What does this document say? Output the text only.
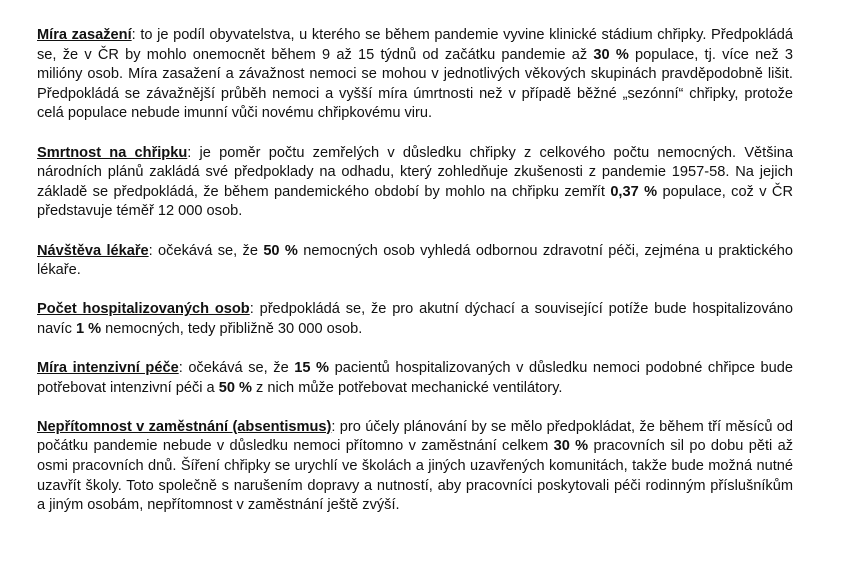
Míra zasažení: to je podíl obyvatelstva, u kterého se během pandemie vyvine klinické stádium chřipky. Předpokládá se, že v ČR by mohlo onemocnět během 9 až 15 týdnů od začátku pandemie až 30 % populace, tj. více než 3 milióny osob. Míra zasažení a závažnost nemoci se mohou v jednotlivých věkových skupinách pravděpodobně lišit. Předpokládá se závažnější průběh nemoci a vyšší míra úmrtnosti než v případě běžné „sezónní“ chřipky, protože celá populace nebude imunní vůči novému chřipkovému viru.

Smrtnost na chřipku: je poměr počtu zemřelých v důsledku chřipky z celkového počtu nemocných. Většina národních plánů zakládá své předpoklady na odhadu, který zohledňuje zkušenosti z pandemie 1957-58. Na jejich základě se předpokládá, že během pandemického období by mohlo na chřipku zemřít 0,37 % populace, což v ČR představuje téměř 12 000 osob.

Návštěva lékaře: očekává se, že 50 % nemocných osob vyhledá odbornou zdravotní péči, zejména u praktického lékaře.

Počet hospitalizovaných osob: předpokládá se, že pro akutní dýchací a související potíže bude hospitalizováno navíc 1 % nemocných, tedy přibližně 30 000 osob.

Míra intenzivní péče: očekává se, že 15 % pacientů hospitalizovaných v důsledku nemoci podobné chřipce bude potřebovat intenzivní péči a 50 % z nich může potřebovat mechanické ventilátory.

Nepřítomnost v zaměstnání (absentismus): pro účely plánování by se mělo předpokládat, že během tří měsíců od počátku pandemie nebude v důsledku nemoci přítomno v zaměstnání celkem 30 % pracovních sil po dobu pěti až osmi pracovních dnů. Šíření chřipky se urychlí ve školách a jiných uzavřených komunitách, takže bude možná nutné uzavřít školy. Toto společně s narušením dopravy a nutností, aby pracovníci poskytovali péči rodinným příslušníkům a jiným osobám, nepřítomnost v zaměstnání ještě zvýší.
